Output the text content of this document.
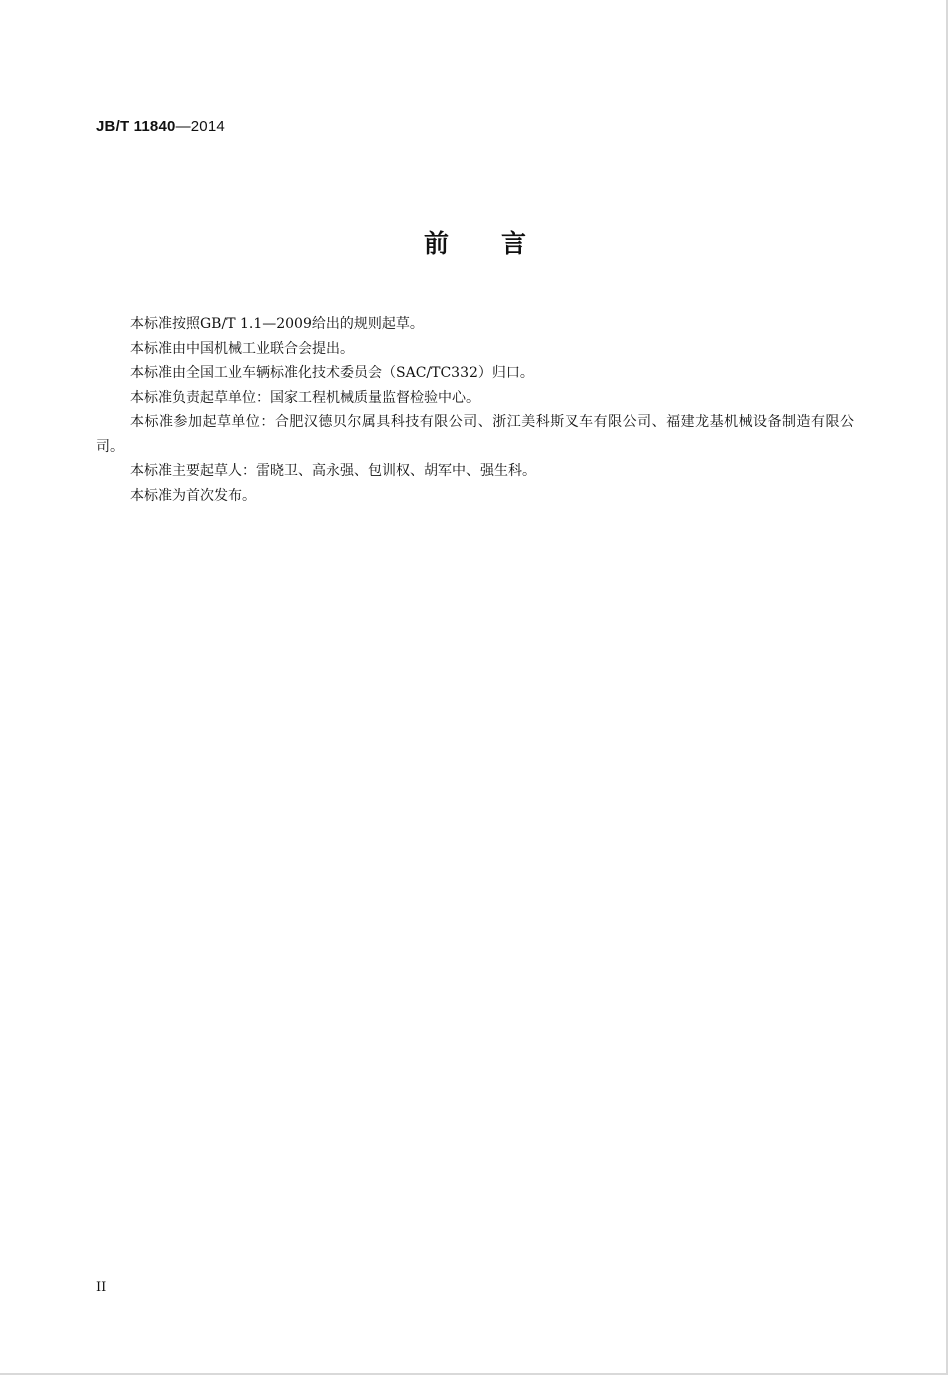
JB/T 11840—2014
前 言

本标准按照GB/T 1.1—2009给出的规则起草。

本标准由中国机械工业联合会提出。

本标准由全国工业车辆标准化技术委员会（SAC/TC332）归口。

本标准负责起草单位：国家工程机械质量监督检验中心。

本标准参加起草单位：合肥汉德贝尔属具科技有限公司、浙江美科斯叉车有限公司、福建龙基机械设备制造有限公司。

本标准主要起草人：雷晓卫、高永强、包训权、胡军中、强生科。

本标准为首次发布。

II
